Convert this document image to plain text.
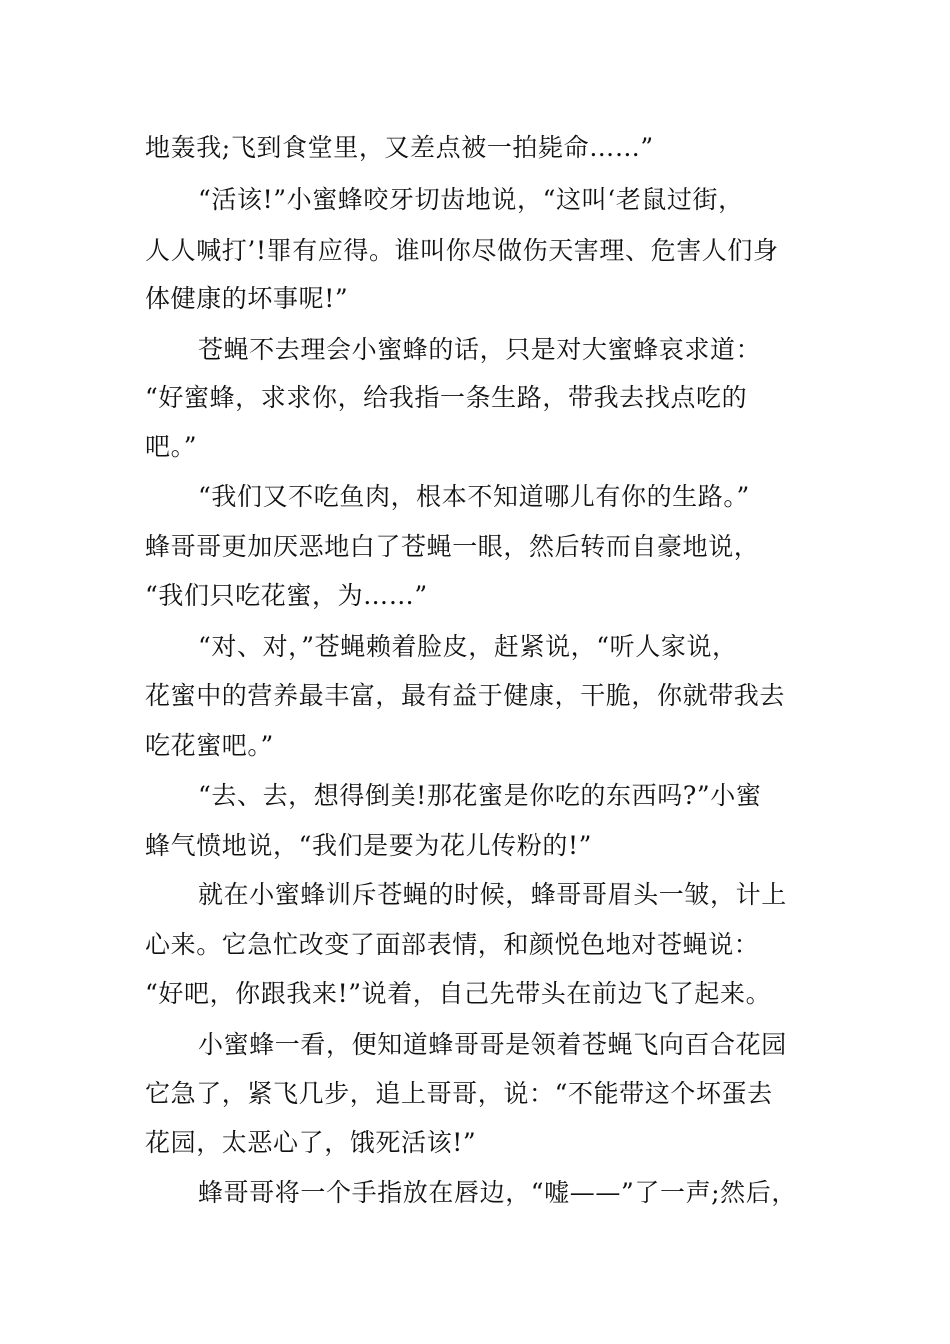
地轰我;飞到食堂里，又差点被一拍毙命……”

“活该!”小蜜蜂咬牙切齿地说，“这叫‘老鼠过街，

人人喊打’!罪有应得。谁叫你尽做伤天害理、危害人们身

体健康的坏事呢!”

苍蝇不去理会小蜜蜂的话，只是对大蜜蜂哀求道：

“好蜜蜂，求求你，给我指一条生路，带我去找点吃的

吧。”

“我们又不吃鱼肉，根本不知道哪儿有你的生路。”

蜂哥哥更加厌恶地白了苍蝇一眼，然后转而自豪地说，

“我们只吃花蜜，为……”

“对、对，”苍蝇赖着脸皮，赶紧说，“听人家说，

花蜜中的营养最丰富，最有益于健康，干脆，你就带我去

吃花蜜吧。”

“去、去，想得倒美!那花蜜是你吃的东西吗?”小蜜

蜂气愤地说，“我们是要为花儿传粉的!”

就在小蜜蜂训斥苍蝇的时候，蜂哥哥眉头一皱，计上

心来。它急忙改变了面部表情，和颜悦色地对苍蝇说：

“好吧，你跟我来!”说着，自己先带头在前边飞了起来。

小蜜蜂一看，便知道蜂哥哥是领着苍蝇飞向百合花园

它急了，紧飞几步，追上哥哥，说：“不能带这个坏蛋去

花园，太恶心了，饿死活该!”

蜂哥哥将一个手指放在唇边，“嘘——”了一声;然后，
